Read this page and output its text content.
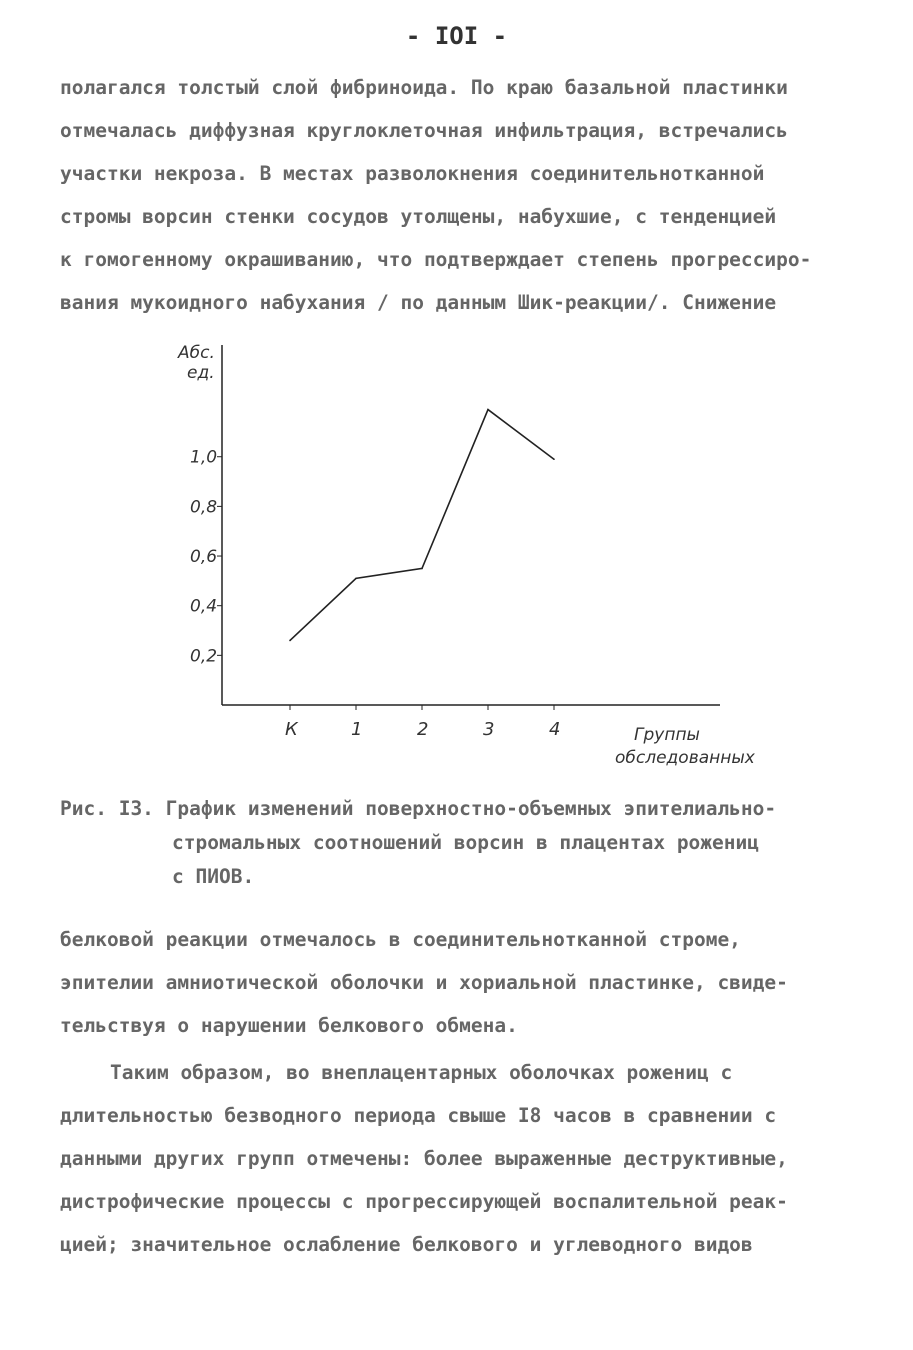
- IOI -
полагался толстый слой фибриноида. По краю базальной пластинки
отмечалась диффузная круглоклеточная инфильтрация, встречались
участки некроза. В местах разволокнения соединительнотканной
стромы ворсин стенки сосудов утолщены, набухшие, с тенденцией
к гомогенному окрашиванию, что подтверждает степень прогрессиро-
вания мукоидного набухания / по данным Шик-реакции/. Снижение
Абс.
ед.
Группы
обследованных
0,2
0,4
0,6
0,8
1,0
К	1	2	3	4
Рис. I3. График изменений поверхностно-объемных эпителиально-
стромальных соотношений ворсин в плацентах рожениц
с ПИОВ.
белковой реакции отмечалось в соединительнотканной строме,
эпителии амниотической оболочки и хориальной пластинке, свиде-
тельствуя о нарушении белкового обмена.
Таким образом, во внеплацентарных оболочках рожениц с
длительностью безводного периода свыше I8 часов в сравнении с
данными других групп отмечены: более выраженные деструктивные,
дистрофические процессы с прогрессирующей воспалительной реак-
цией; значительное ослабление белкового и углеводного видов
